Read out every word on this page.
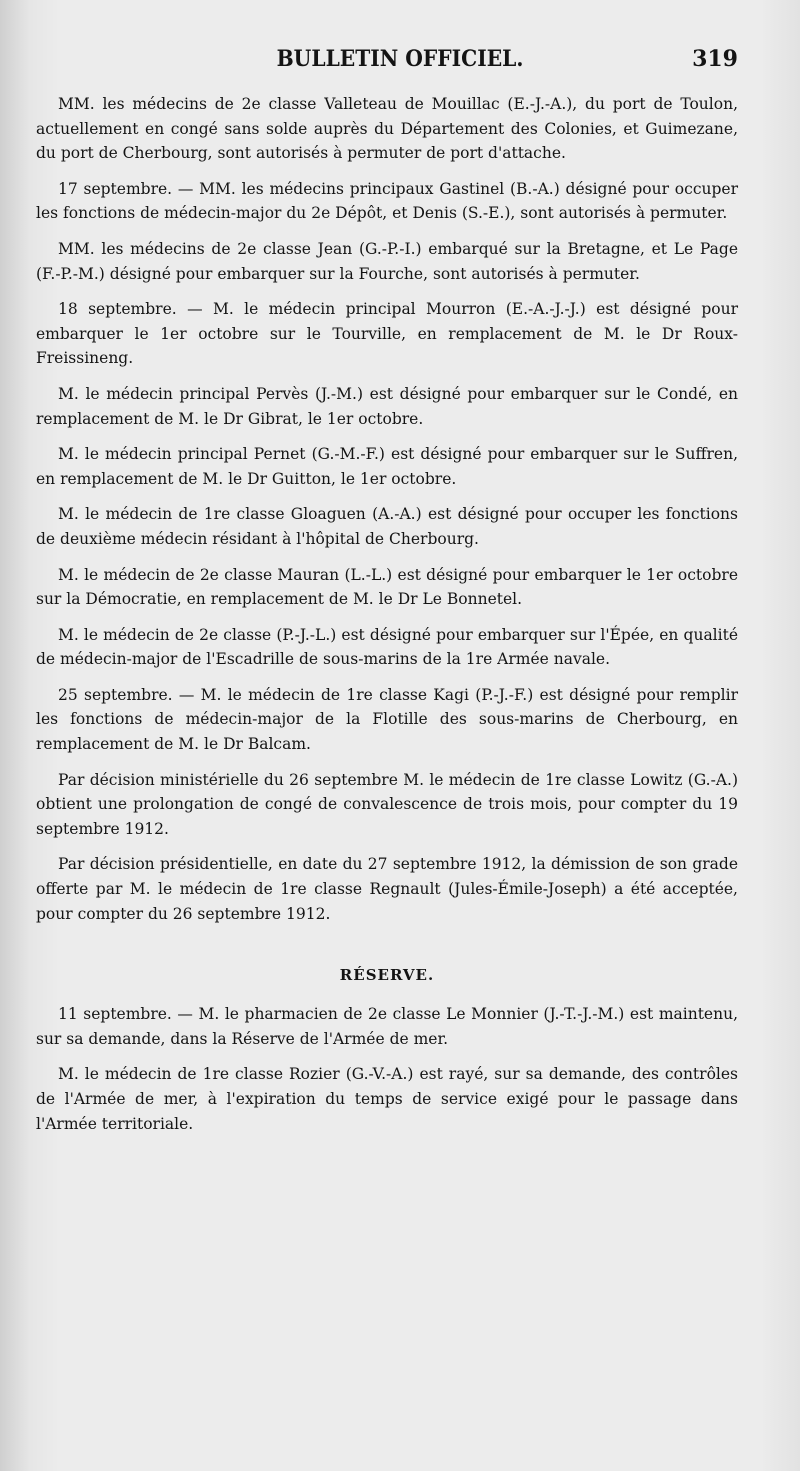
BULLETIN OFFICIEL.	319

MM. les médecins de 2e classe Valleteau de Mouillac (E.-J.-A.), du port de Toulon, actuellement en congé sans solde auprès du Département des Colonies, et Guimezane, du port de Cherbourg, sont autorisés à permuter de port d'attache.

17 septembre. — MM. les médecins principaux Gastinel (B.-A.) désigné pour occuper les fonctions de médecin-major du 2e Dépôt, et Denis (S.-E.), sont autorisés à permuter.

MM. les médecins de 2e classe Jean (G.-P.-I.) embarqué sur la Bretagne, et Le Page (F.-P.-M.) désigné pour embarquer sur la Fourche, sont autorisés à permuter.

18 septembre. — M. le médecin principal Mourron (E.-A.-J.-J.) est désigné pour embarquer le 1er octobre sur le Tourville, en remplacement de M. le Dr Roux-Freissineng.

M. le médecin principal Pervès (J.-M.) est désigné pour embarquer sur le Condé, en remplacement de M. le Dr Gibrat, le 1er octobre.

M. le médecin principal Pernet (G.-M.-F.) est désigné pour embarquer sur le Suffren, en remplacement de M. le Dr Guitton, le 1er octobre.

M. le médecin de 1re classe Gloaguen (A.-A.) est désigné pour occuper les fonctions de deuxième médecin résidant à l'hôpital de Cherbourg.

M. le médecin de 2e classe Mauran (L.-L.) est désigné pour embarquer le 1er octobre sur la Démocratie, en remplacement de M. le Dr Le Bonnetel.

M. le médecin de 2e classe (P.-J.-L.) est désigné pour embarquer sur l'Épée, en qualité de médecin-major de l'Escadrille de sous-marins de la 1re Armée navale.

25 septembre. — M. le médecin de 1re classe Kagi (P.-J.-F.) est désigné pour remplir les fonctions de médecin-major de la Flotille des sous-marins de Cherbourg, en remplacement de M. le Dr Balcam.

Par décision ministérielle du 26 septembre M. le médecin de 1re classe Lowitz (G.-A.) obtient une prolongation de congé de convalescence de trois mois, pour compter du 19 septembre 1912.

Par décision présidentielle, en date du 27 septembre 1912, la démission de son grade offerte par M. le médecin de 1re classe Regnault (Jules-Émile-Joseph) a été acceptée, pour compter du 26 septembre 1912.

RÉSERVE.

11 septembre. — M. le pharmacien de 2e classe Le Monnier (J.-T.-J.-M.) est maintenu, sur sa demande, dans la Réserve de l'Armée de mer.

M. le médecin de 1re classe Rozier (G.-V.-A.) est rayé, sur sa demande, des contrôles de l'Armée de mer, à l'expiration du temps de service exigé pour le passage dans l'Armée territoriale.
